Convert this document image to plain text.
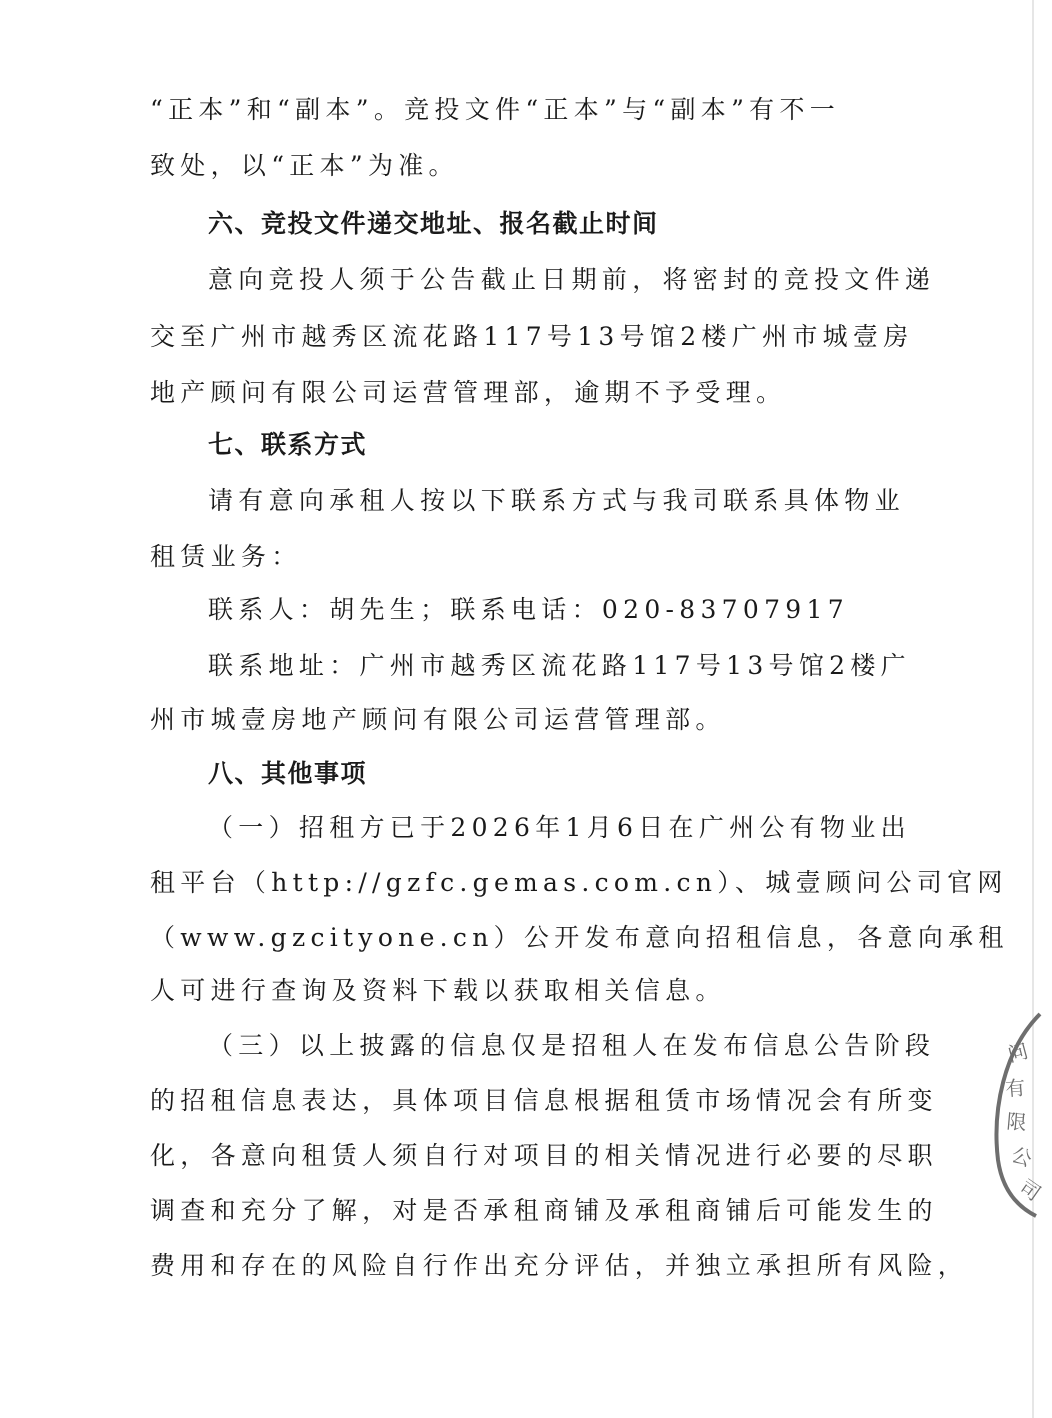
“正本”和“副本”。竞投文件“正本”与“副本”有不一
致处，以“正本”为准。
六、竞投文件递交地址、报名截止时间
意向竞投人须于公告截止日期前，将密封的竞投文件递
交至广州市越秀区流花路117号13号馆2楼广州市城壹房
地产顾问有限公司运营管理部，逾期不予受理。
七、联系方式
请有意向承租人按以下联系方式与我司联系具体物业
租赁业务：
联系人：胡先生；联系电话：020-83707917
联系地址：广州市越秀区流花路117号13号馆2楼广
州市城壹房地产顾问有限公司运营管理部。
八、其他事项
（一）招租方已于2026年1月6日在广州公有物业出
租平台（http://gzfc.gemas.com.cn）、城壹顾问公司官网
（www.gzcityone.cn）公开发布意向招租信息，各意向承租
人可进行查询及资料下载以获取相关信息。
（三）以上披露的信息仅是招租人在发布信息公告阶段
的招租信息表达，具体项目信息根据租赁市场情况会有所变
化，各意向租赁人须自行对项目的相关情况进行必要的尽职
调查和充分了解，对是否承租商铺及承租商铺后可能发生的
费用和存在的风险自行作出充分评估，并独立承担所有风险，
问
有
限
公
司
